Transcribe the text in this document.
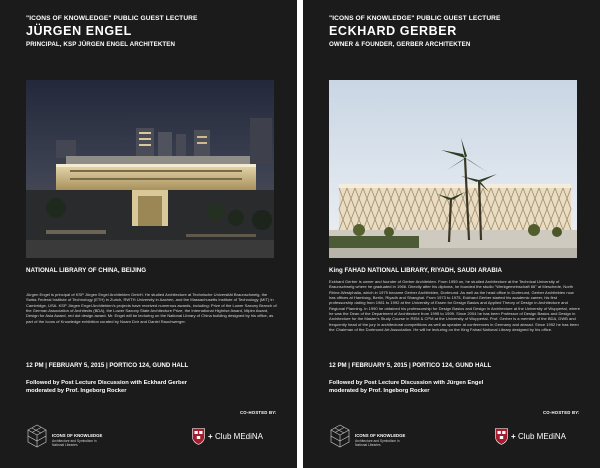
"ICONS OF KNOWLEDGE" PUBLIC GUEST LECTURE
JÜRGEN ENGEL
PRINCIPAL, KSP JÜRGEN ENGEL ARCHITEKTEN
NATIONAL LIBRARY OF CHINA, BEIJING
Jürgen Engel is principal of KSP Jürgen Engel Architekten GmbH. He studied Architecture at Technische Universität Braunschweig, the Swiss Federal Institute of Technology (ETH) in Zurich, RWTH University in Aachen, and the Massachusetts Institute of Technology (MIT) in Cambridge, USA. KSP Jürgen Engel Architekten's projects have received numerous awards, including: Prize of the Lower Saxony Branch of the German Association of Architects (BDA), the Lower Saxony State Architecture Prize, the International Highrise Award, Mipim Award, Design for Asia Award, red dot design award. Mr. Engel will be lecturing on the National Library of China building designed by his office, as part of the Icons of Knowledge exhibition curated by Noam Dvir and Daniel Rauchwerger.
12 PM | FEBRUARY 5, 2015 | PORTICO 124, GUND HALL
Followed by Post Lecture Discussion with Eckhard Gerber
moderated by Prof. Ingeborg Rocker
CO-HOSTED BY:
ICONS OF KNOWLEDGE
Architecture and Symbolism in
National Libraries
+ Club MEdiNA
"ICONS OF KNOWLEDGE" PUBLIC GUEST LECTURE
ECKHARD GERBER
OWNER & FOUNDER, GERBER ARCHITEKTEN
King FAHAD NATIONAL LIBRARY, RIYADH, SAUDI ARABIA
Eckhard Gerber is owner and founder of Gerber Architekten. From 1959 on, he studied Architecture at the Technical University of Braunschweig where he graduated in 1966. Directly after his diploma, he founded the studio "Werkgemeinschaft 66" at Meschede, North Rhine-Westphalia, which in 1979 became Gerber Architekten, Dortmund. As well as the head office in Dortmund, Gerber Architekten now has offices at Hamburg, Berlin, Riyadh and Shanghai. From 1973 to 1975, Eckhard Gerber started his academic career, his first professorship dating from 1981 to 1992 at the University of Essen for Design Basics and Applied Theory of Design in Architecture and Regional Planning. In 1990 he obtained his professorship for Design Basics and Design in Architecture at the University of Wuppertal, where he was the Dean of the Department of Architecture from 1995 to 1999. Since 2004 he has been Professor of Design Basics and Design in Architecture for the Master's Study Course in REM & CPM at the University of Wuppertal. Prof. Gerber is a member of the BDA, DWB and frequently head of the jury in architectural competitions as well as speaker at conferences in Germany and abroad. Since 1992 he has been the Chairman of the Dortmund Art Association. He will be lecturing on the King Fahad National Library designed by his office.
12 PM | FEBRUARY 5, 2015 | PORTICO 124, GUND HALL
Followed by Post Lecture Discussion with Jürgen Engel
moderated by Prof. Ingeborg Rocker
CO-HOSTED BY:
ICONS OF KNOWLEDGE
Architecture and Symbolism in
National Libraries
+ Club MEdiNA
